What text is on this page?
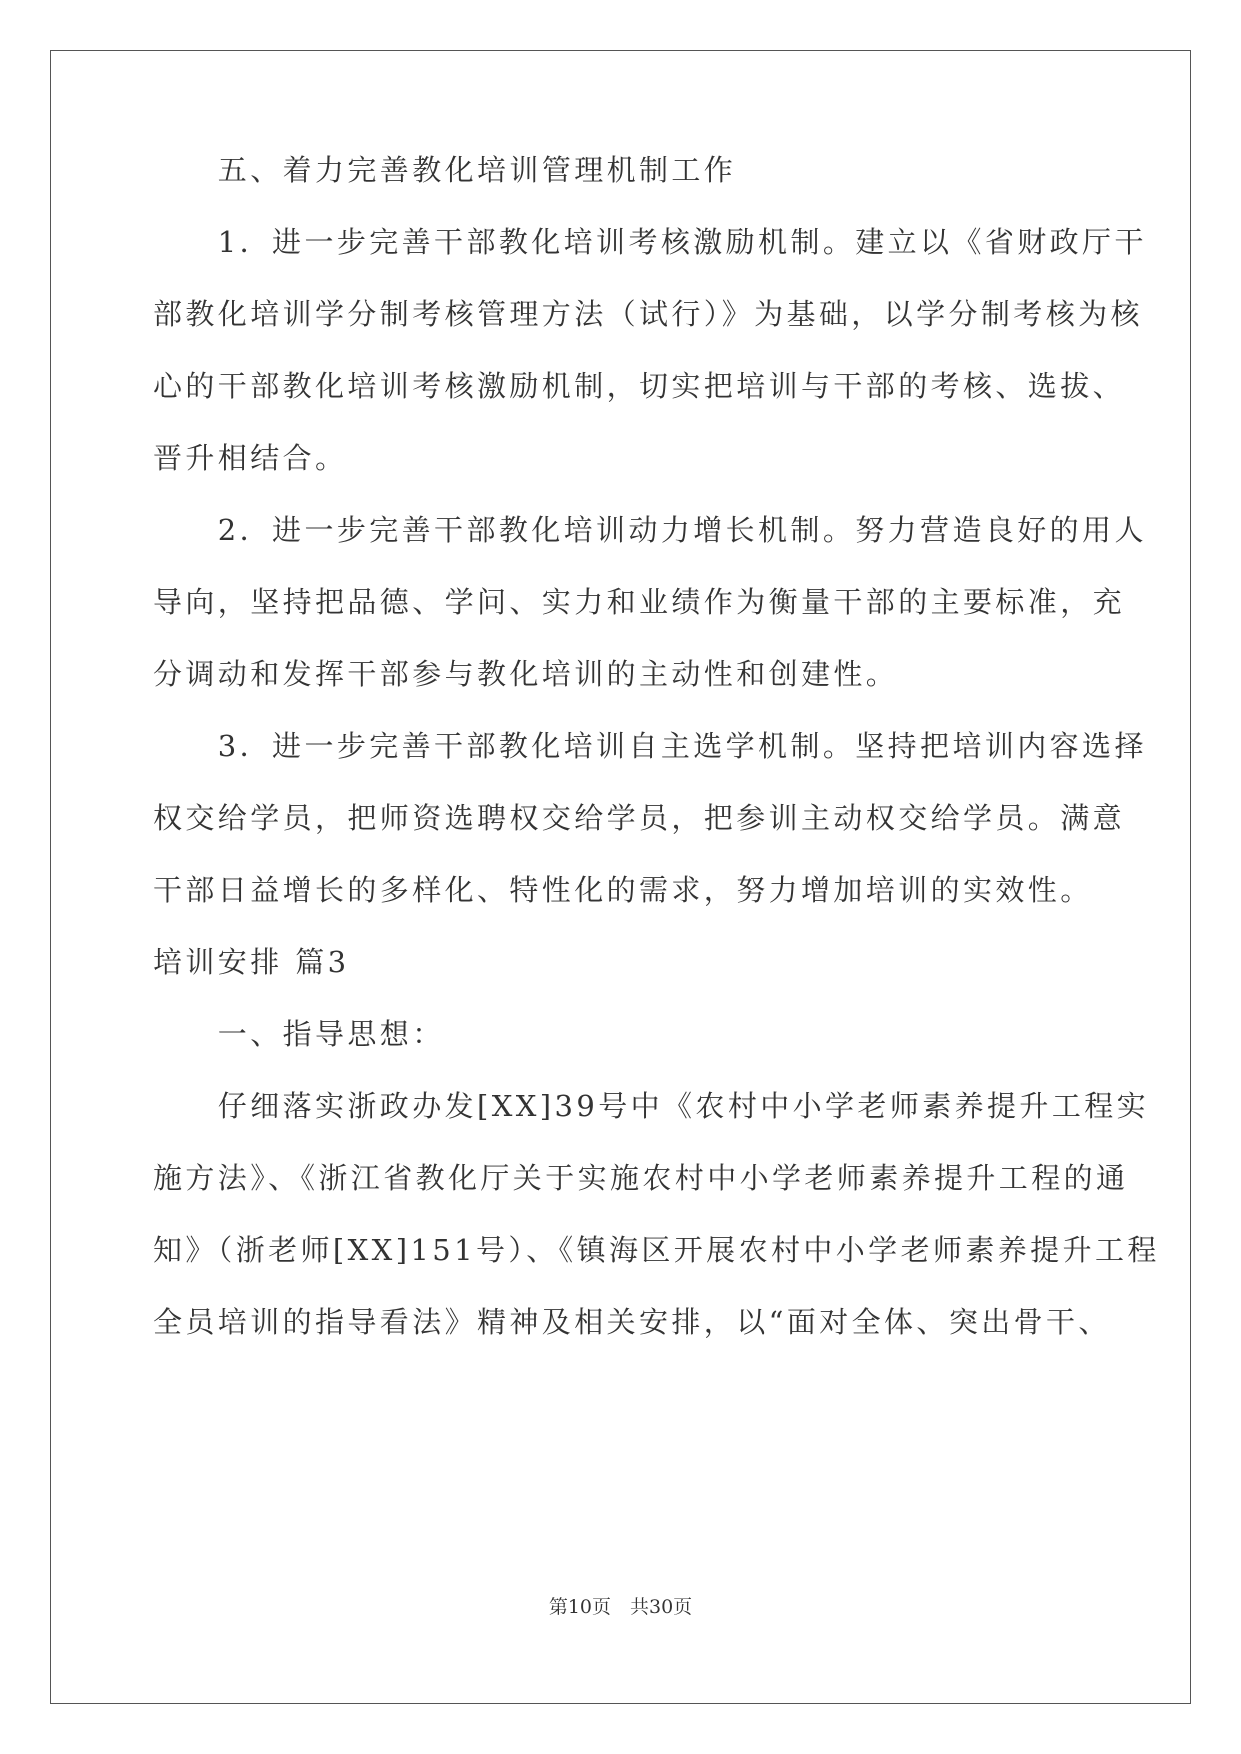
　　五、着力完善教化培训管理机制工作
　　1．进一步完善干部教化培训考核激励机制。建立以《省财政厅干
部教化培训学分制考核管理方法（试行）》为基础，以学分制考核为核
心的干部教化培训考核激励机制，切实把培训与干部的考核、选拔、
晋升相结合。
　　2．进一步完善干部教化培训动力增长机制。努力营造良好的用人
导向，坚持把品德、学问、实力和业绩作为衡量干部的主要标准，充
分调动和发挥干部参与教化培训的主动性和创建性。
　　3．进一步完善干部教化培训自主选学机制。坚持把培训内容选择
权交给学员，把师资选聘权交给学员，把参训主动权交给学员。满意
干部日益增长的多样化、特性化的需求，努力增加培训的实效性。
培训安排 篇3
　　一、指导思想：
　　仔细落实浙政办发[XX]39号中《农村中小学老师素养提升工程实
施方法》、《浙江省教化厅关于实施农村中小学老师素养提升工程的通
知》（浙老师[XX]151号）、《镇海区开展农村中小学老师素养提升工程
全员培训的指导看法》精神及相关安排，以“面对全体、突出骨干、
第10页　共30页
